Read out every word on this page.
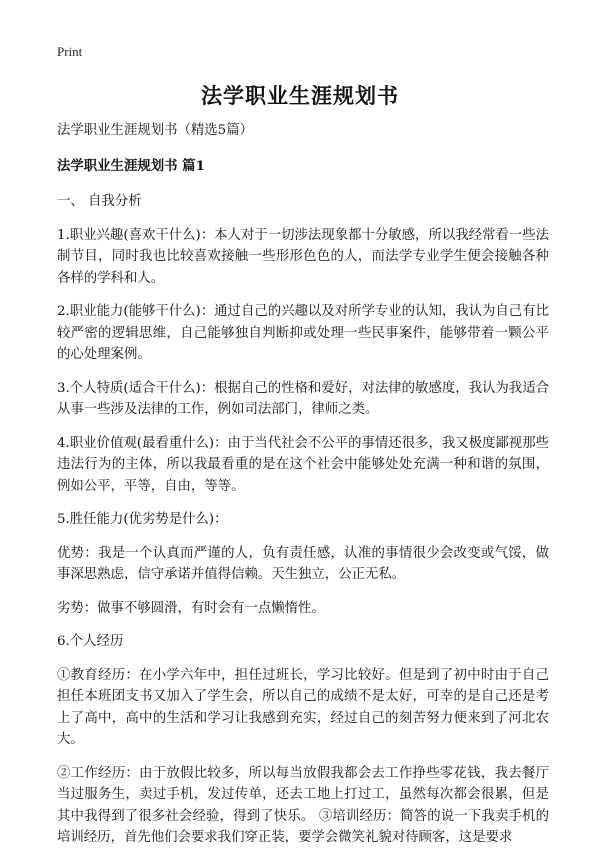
Print
法学职业生涯规划书

法学职业生涯规划书（精选5篇）

法学职业生涯规划书 篇1

一、 自我分析

1.职业兴趣(喜欢干什么)：本人对于一切涉法现象都十分敏感，所以我经常看一些法制节目，同时我也比较喜欢接触一些形形色色的人，而法学专业学生便会接触各种各样的学科和人。

2.职业能力(能够干什么)：通过自己的兴趣以及对所学专业的认知，我认为自己有比较严密的逻辑思维，自己能够独自判断抑或处理一些民事案件，能够带着一颗公平的心处理案例。

3.个人特质(适合干什么)：根据自己的性格和爱好，对法律的敏感度，我认为我适合从事一些涉及法律的工作，例如司法部门，律师之类。

4.职业价值观(最看重什么)：由于当代社会不公平的事情还很多，我又极度鄙视那些违法行为的主体，所以我最看重的是在这个社会中能够处处充满一种和谐的氛围，例如公平，平等，自由，等等。

5.胜任能力(优劣势是什么)：

优势：我是一个认真而严谨的人，负有责任感，认准的事情很少会改变或气馁，做事深思熟虑，信守承诺并值得信赖。天生独立，公正无私。

劣势：做事不够圆滑，有时会有一点懒惰性。

6.个人经历

①教育经历：在小学六年中，担任过班长，学习比较好。但是到了初中时由于自己担任本班团支书又加入了学生会，所以自己的成绩不是太好，可幸的是自己还是考上了高中，高中的生活和学习让我感到充实，经过自己的刻苦努力便来到了河北农大。

②工作经历：由于放假比较多，所以每当放假我都会去工作挣些零花钱，我去餐厅当过服务生，卖过手机，发过传单，还去工地上打过工，虽然每次都会很累，但是其中我得到了很多社会经验，得到了快乐。 ③培训经历：简答的说一下我卖手机的培训经历，首先他们会要求我们穿正装，要学会微笑礼貌对待顾客，这是要求
